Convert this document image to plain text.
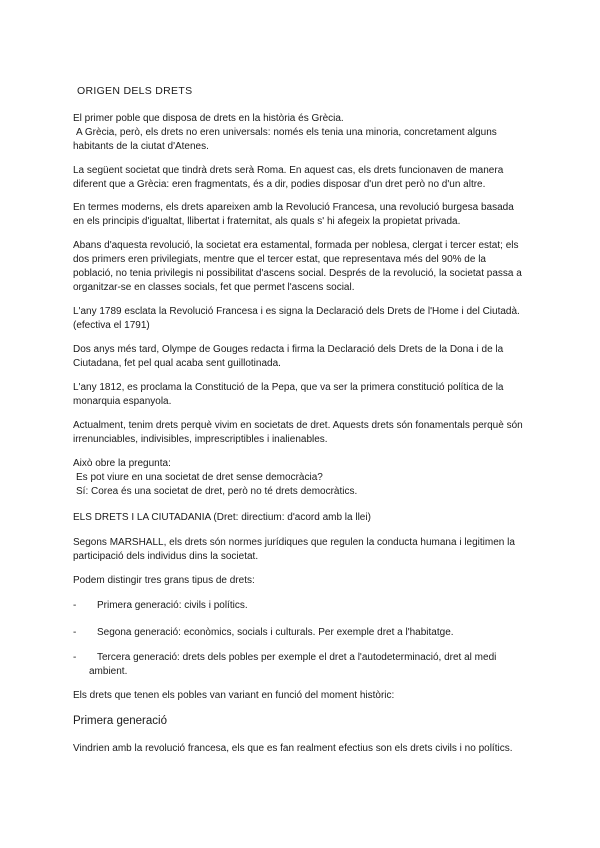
ORIGEN DELS DRETS

El primer poble que disposa de drets en la història és Grècia.

A Grècia, però, els drets no eren universals: només els tenia una minoria, concretament alguns

habitants de la ciutat d'Atenes.

La següent societat que tindrà drets serà Roma. En aquest cas, els drets funcionaven de manera

diferent que a Grècia: eren fragmentats, és a dir, podies disposar d'un dret però no d'un altre.

En termes moderns, els drets apareixen amb la Revolució Francesa, una revolució burgesa basada

en els principis d'igualtat, llibertat i fraternitat, als quals s' hi afegeix la propietat privada.

Abans d'aquesta revolució, la societat era estamental, formada per noblesa, clergat i tercer estat; els

dos primers eren privilegiats, mentre que el tercer estat, que representava més del 90% de la

població, no tenia privilegis ni possibilitat d'ascens social. Després de la revolució, la societat passa a

organitzar-se en classes socials, fet que permet l'ascens social.

L'any 1789 esclata la Revolució Francesa i es signa la Declaració dels Drets de l'Home i del Ciutadà.

(efectiva el 1791)

Dos anys més tard, Olympe de Gouges redacta i firma la Declaració dels Drets de la Dona i de la

Ciutadana, fet pel qual acaba sent guillotinada.

L'any 1812, es proclama la Constitució de la Pepa, que va ser la primera constitució política de la

monarquia espanyola.

Actualment, tenim drets perquè vivim en societats de dret. Aquests drets són fonamentals perquè són

irrenunciables, indivisibles, imprescriptibles i inalienables.

Això obre la pregunta:

Es pot viure en una societat de dret sense democràcia?

Sí: Corea és una societat de dret, però no té drets democràtics.

ELS DRETS I LA CIUTADANIA (Dret: directium: d'acord amb la llei)

Segons MARSHALL, els drets són normes jurídiques que regulen la conducta humana i legitimen la

participació dels individus dins la societat.

Podem distingir tres grans tipus de drets:

- Primera generació: civils i polítics.
- Segona generació: econòmics, socials i culturals. Per exemple dret a l'habitatge.
- Tercera generació: drets dels pobles per exemple el dret a l'autodeterminació, dret al medi
ambient.

Els drets que tenen els pobles van variant en funció del moment històric:

Primera generació

Vindrien amb la revolució francesa, els que es fan realment efectius son els drets civils i no polítics.
